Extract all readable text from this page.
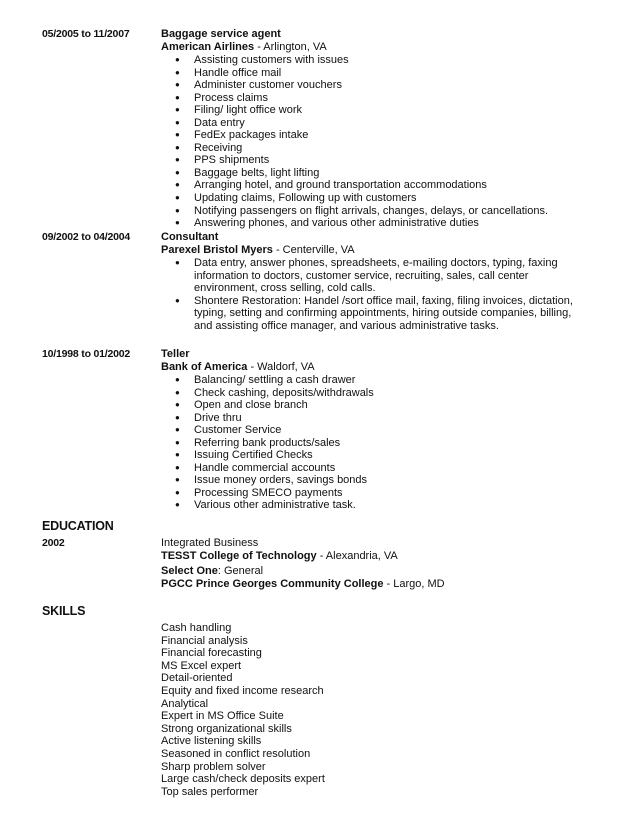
05/2005 to 11/2007	Baggage service agent
American Airlines - Arlington, VA
● Assisting customers with issues
● Handle office mail
● Administer customer vouchers
● Process claims
● Filing/ light office work
● Data entry
● FedEx packages intake
● Receiving
● PPS shipments
● Baggage belts, light lifting
● Arranging hotel, and ground transportation accommodations
● Updating claims, Following up with customers
● Notifying passengers on flight arrivals, changes, delays, or cancellations.
● Answering phones, and various other administrative duties
09/2002 to 04/2004	Consultant
Parexel Bristol Myers - Centerville, VA
● Data entry, answer phones, spreadsheets, e-mailing doctors, typing, faxing information to doctors, customer service, recruiting, sales, call center environment, cross selling, cold calls.
● Shontere Restoration: Handel /sort office mail, faxing, filing invoices, dictation, typing, setting and confirming appointments, hiring outside companies, billing, and assisting office manager, and various administrative tasks.
10/1998 to 01/2002	Teller
Bank of America - Waldorf, VA
● Balancing/ settling a cash drawer
● Check cashing, deposits/withdrawals
● Open and close branch
● Drive thru
● Customer Service
● Referring bank products/sales
● Issuing Certified Checks
● Handle commercial accounts
● Issue money orders, savings bonds
● Processing SMECO payments
● Various other administrative task.
EDUCATION
2002	Integrated Business
TESST College of Technology - Alexandria, VA
Select One: General
PGCC Prince Georges Community College - Largo, MD
SKILLS
Cash handling
Financial analysis
Financial forecasting
MS Excel expert
Detail-oriented
Equity and fixed income research
Analytical
Expert in MS Office Suite
Strong organizational skills
Active listening skills
Seasoned in conflict resolution
Sharp problem solver
Large cash/check deposits expert
Top sales performer
